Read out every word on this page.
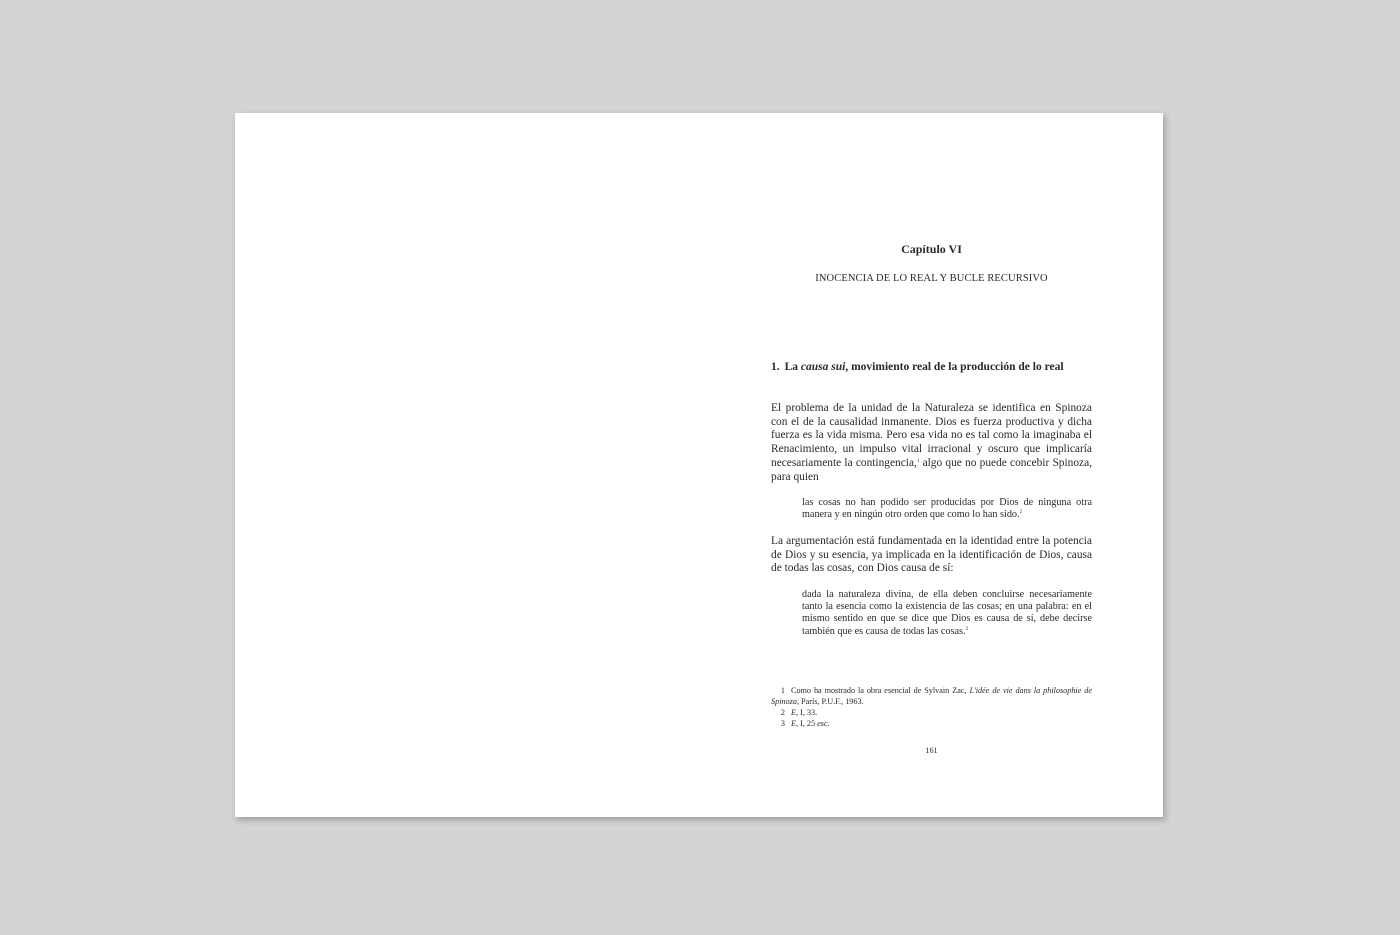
Capítulo VI
INOCENCIA DE LO REAL Y BUCLE RECURSIVO
1. La causa sui, movimiento real de la producción de lo real

El problema de la unidad de la Naturaleza se identifica en Spinoza con el de la causalidad inmanente. Dios es fuerza productiva y dicha fuerza es la vida misma. Pero esa vida no es tal como la imaginaba el Renacimiento, un impulso vital irracional y oscuro que implicaría necesariamente la contingencia,$^1$ algo que no puede concebir Spinoza, para quien

las cosas no han podido ser producidas por Dios de ninguna otra manera y en ningún otro orden que como lo han sido.$^2$

La argumentación está fundamentada en la identidad entre la potencia de Dios y su esencia, ya implicada en la identificación de Dios, causa de todas las cosas, con Dios causa de sí:

dada la naturaleza divina, de ella deben concluirse necesariamente tanto la esencia como la existencia de las cosas; en una palabra: en el mismo sentido en que se dice que Dios es causa de sí, debe decirse también que es causa de todas las cosas.$^3$

1 Como ha mostrado la obra esencial de Sylvain Zac, L'idée de vie dans la philosophie de Spinoza, París, P.U.F., 1963.

2 E, I, 33.

3 E, I, 25 esc.

161
